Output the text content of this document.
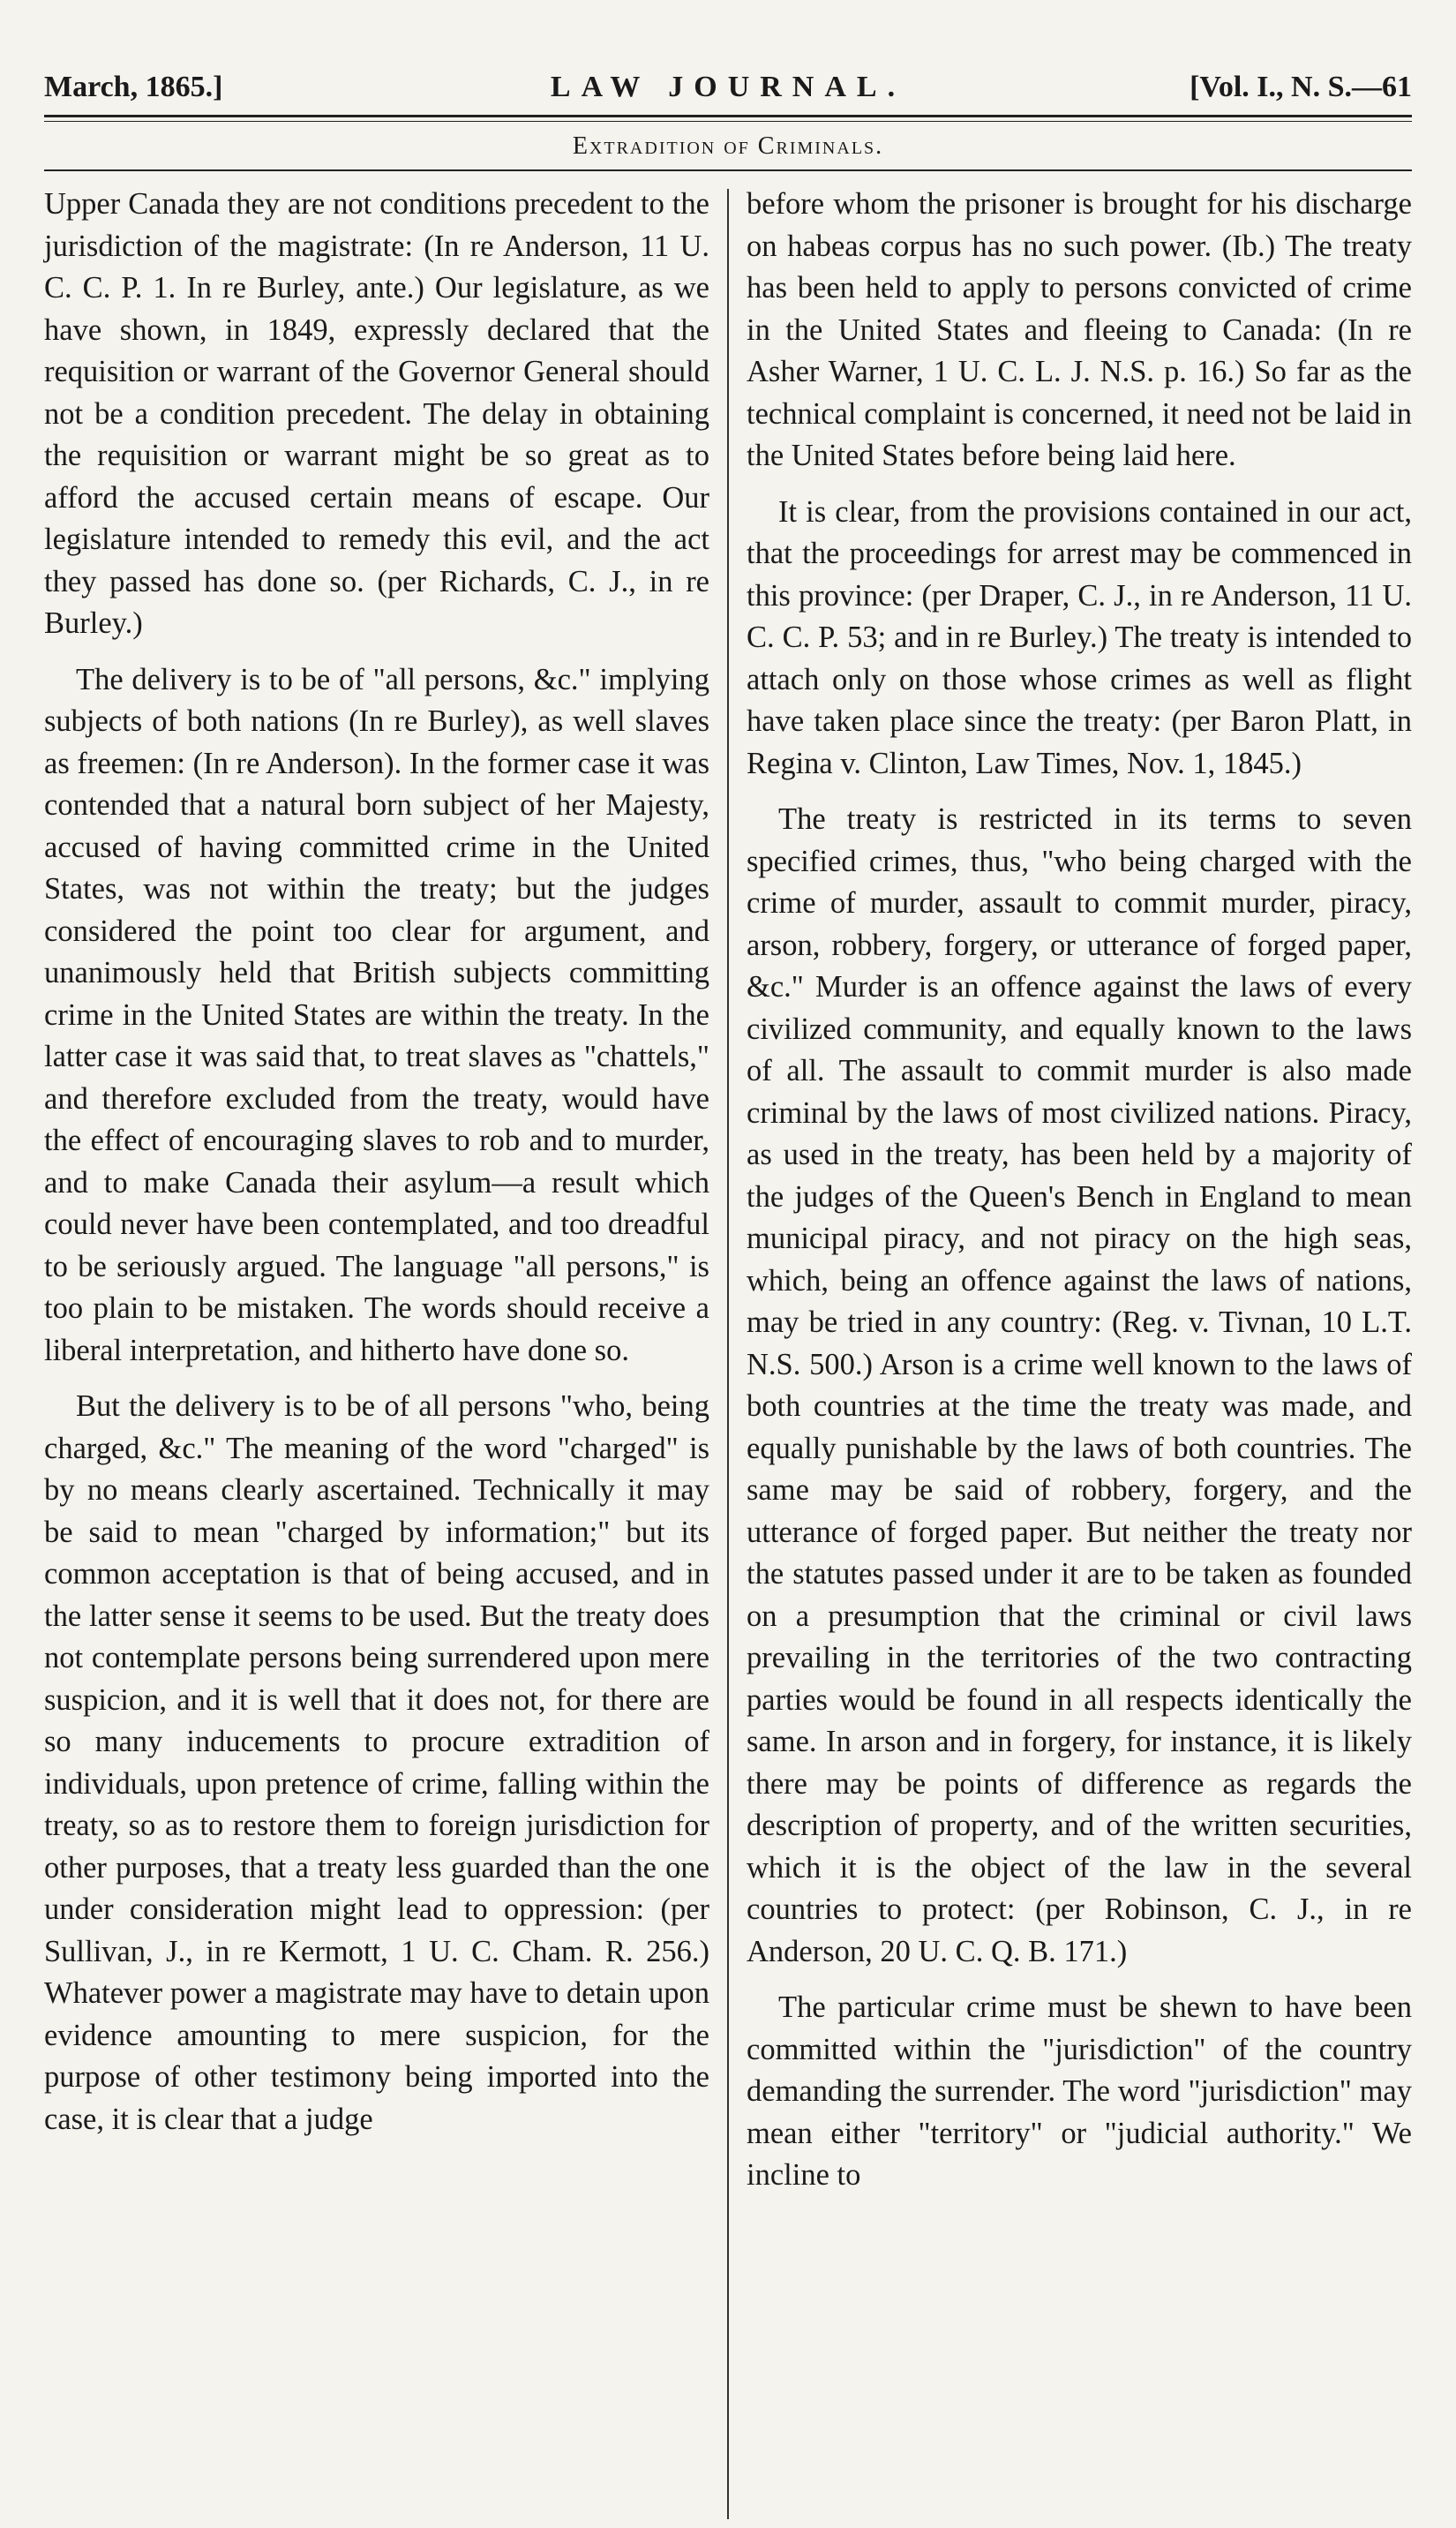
March, 1865.]	LAW JOURNAL.	[Vol. I., N. S.—61
Extradition of Criminals.

Upper Canada they are not conditions precedent to the jurisdiction of the magistrate: (In re Anderson, 11 U. C. C. P. 1. In re Burley, ante.) Our legislature, as we have shown, in 1849, expressly declared that the requisition or warrant of the Governor General should not be a condition precedent. The delay in obtaining the requisition or warrant might be so great as to afford the accused certain means of escape. Our legislature intended to remedy this evil, and the act they passed has done so. (per Richards, C. J., in re Burley.)

The delivery is to be of "all persons, &c." implying subjects of both nations (In re Burley), as well slaves as freemen: (In re Anderson). In the former case it was contended that a natural born subject of her Majesty, accused of having committed crime in the United States, was not within the treaty; but the judges considered the point too clear for argument, and unanimously held that British subjects committing crime in the United States are within the treaty. In the latter case it was said that, to treat slaves as "chattels," and therefore excluded from the treaty, would have the effect of encouraging slaves to rob and to murder, and to make Canada their asylum—a result which could never have been contemplated, and too dreadful to be seriously argued. The language "all persons," is too plain to be mistaken. The words should receive a liberal interpretation, and hitherto have done so.

But the delivery is to be of all persons "who, being charged, &c." The meaning of the word "charged" is by no means clearly ascertained. Technically it may be said to mean "charged by information;" but its common acceptation is that of being accused, and in the latter sense it seems to be used. But the treaty does not contemplate persons being surrendered upon mere suspicion, and it is well that it does not, for there are so many inducements to procure extradition of individuals, upon pretence of crime, falling within the treaty, so as to restore them to foreign jurisdiction for other purposes, that a treaty less guarded than the one under consideration might lead to oppression: (per Sullivan, J., in re Kermott, 1 U. C. Cham. R. 256.) Whatever power a magistrate may have to detain upon evidence amounting to mere suspicion, for the purpose of other testimony being imported into the case, it is clear that a judge

before whom the prisoner is brought for his discharge on habeas corpus has no such power. (Ib.) The treaty has been held to apply to persons convicted of crime in the United States and fleeing to Canada: (In re Asher Warner, 1 U. C. L. J. N.S. p. 16.) So far as the technical complaint is concerned, it need not be laid in the United States before being laid here.

It is clear, from the provisions contained in our act, that the proceedings for arrest may be commenced in this province: (per Draper, C. J., in re Anderson, 11 U. C. C. P. 53; and in re Burley.) The treaty is intended to attach only on those whose crimes as well as flight have taken place since the treaty: (per Baron Platt, in Regina v. Clinton, Law Times, Nov. 1, 1845.)

The treaty is restricted in its terms to seven specified crimes, thus, "who being charged with the crime of murder, assault to commit murder, piracy, arson, robbery, forgery, or utterance of forged paper, &c." Murder is an offence against the laws of every civilized community, and equally known to the laws of all. The assault to commit murder is also made criminal by the laws of most civilized nations. Piracy, as used in the treaty, has been held by a majority of the judges of the Queen's Bench in England to mean municipal piracy, and not piracy on the high seas, which, being an offence against the laws of nations, may be tried in any country: (Reg. v. Tivnan, 10 L.T. N.S. 500.) Arson is a crime well known to the laws of both countries at the time the treaty was made, and equally punishable by the laws of both countries. The same may be said of robbery, forgery, and the utterance of forged paper. But neither the treaty nor the statutes passed under it are to be taken as founded on a presumption that the criminal or civil laws prevailing in the territories of the two contracting parties would be found in all respects identically the same. In arson and in forgery, for instance, it is likely there may be points of difference as regards the description of property, and of the written securities, which it is the object of the law in the several countries to protect: (per Robinson, C. J., in re Anderson, 20 U. C. Q. B. 171.)

The particular crime must be shewn to have been committed within the "jurisdiction" of the country demanding the surrender. The word "jurisdiction" may mean either "territory" or "judicial authority." We incline to
